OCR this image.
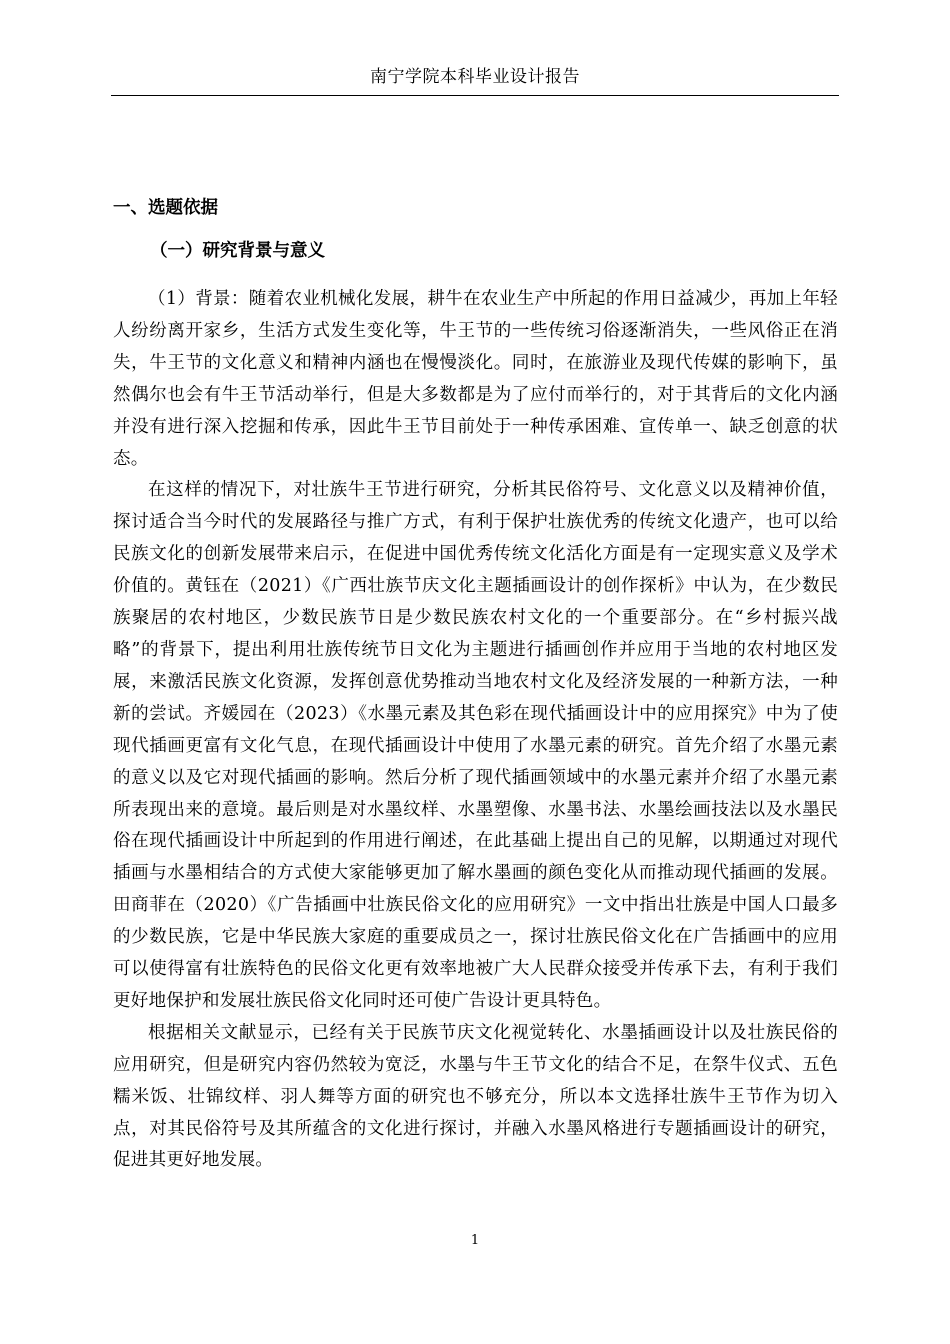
南宁学院本科毕业设计报告
一、选题依据
（一）研究背景与意义

（1）背景：随着农业机械化发展，耕牛在农业生产中所起的作用日益减少，再加上年轻人纷纷离开家乡，生活方式发生变化等，牛王节的一些传统习俗逐渐消失，一些风俗正在消失，牛王节的文化意义和精神内涵也在慢慢淡化。同时，在旅游业及现代传媒的影响下，虽然偶尔也会有牛王节活动举行，但是大多数都是为了应付而举行的，对于其背后的文化内涵并没有进行深入挖掘和传承，因此牛王节目前处于一种传承困难、宣传单一、缺乏创意的状态。

在这样的情况下，对壮族牛王节进行研究，分析其民俗符号、文化意义以及精神价值，探讨适合当今时代的发展路径与推广方式，有利于保护壮族优秀的传统文化遗产，也可以给民族文化的创新发展带来启示，在促进中国优秀传统文化活化方面是有一定现实意义及学术价值的。黄钰在（2021）《广西壮族节庆文化主题插画设计的创作探析》中认为，在少数民族聚居的农村地区，少数民族节日是少数民族农村文化的一个重要部分。在“乡村振兴战略”的背景下，提出利用壮族传统节日文化为主题进行插画创作并应用于当地的农村地区发展，来激活民族文化资源，发挥创意优势推动当地农村文化及经济发展的一种新方法，一种新的尝试。齐媛园在（2023）《水墨元素及其色彩在现代插画设计中的应用探究》中为了使现代插画更富有文化气息，在现代插画设计中使用了水墨元素的研究。首先介绍了水墨元素的意义以及它对现代插画的影响。然后分析了现代插画领域中的水墨元素并介绍了水墨元素所表现出来的意境。最后则是对水墨纹样、水墨塑像、水墨书法、水墨绘画技法以及水墨民俗在现代插画设计中所起到的作用进行阐述，在此基础上提出自己的见解，以期通过对现代插画与水墨相结合的方式使大家能够更加了解水墨画的颜色变化从而推动现代插画的发展。田商菲在（2020）《广告插画中壮族民俗文化的应用研究》一文中指出壮族是中国人口最多的少数民族，它是中华民族大家庭的重要成员之一，探讨壮族民俗文化在广告插画中的应用可以使得富有壮族特色的民俗文化更有效率地被广大人民群众接受并传承下去，有利于我们更好地保护和发展壮族民俗文化同时还可使广告设计更具特色。

根据相关文献显示，已经有关于民族节庆文化视觉转化、水墨插画设计以及壮族民俗的应用研究，但是研究内容仍然较为宽泛，水墨与牛王节文化的结合不足，在祭牛仪式、五色糯米饭、壮锦纹样、羽人舞等方面的研究也不够充分，所以本文选择壮族牛王节作为切入点，对其民俗符号及其所蕴含的文化进行探讨，并融入水墨风格进行专题插画设计的研究，促进其更好地发展。

1
